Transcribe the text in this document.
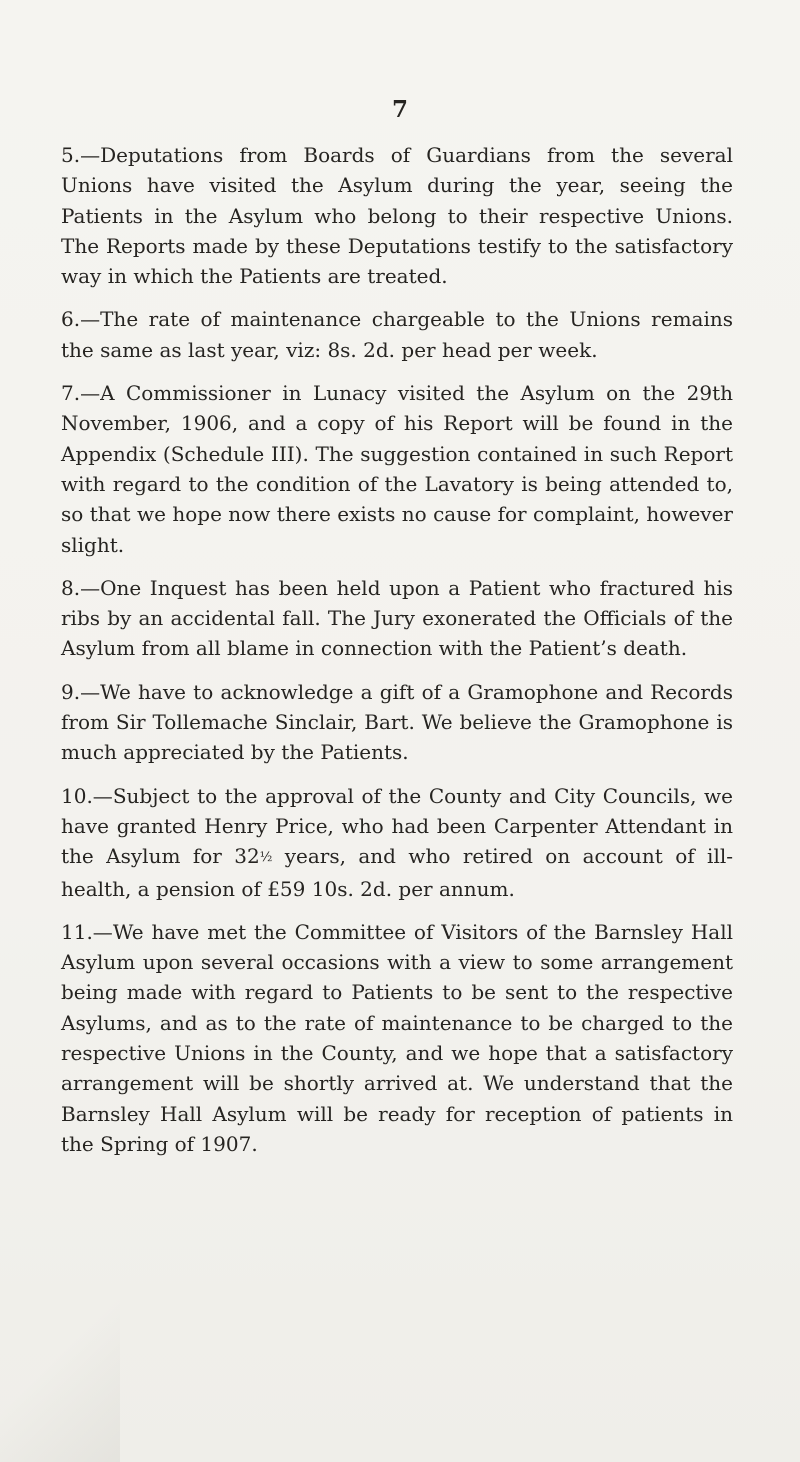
7

5.—Deputations from Boards of Guardians from the several Unions have visited the Asylum during the year, seeing the Patients in the Asylum who belong to their respective Unions. The Reports made by these Deputations testify to the satisfactory way in which the Patients are treated.

6.—The rate of maintenance chargeable to the Unions remains the same as last year, viz: 8s. 2d. per head per week.

7.—A Commissioner in Lunacy visited the Asylum on the 29th November, 1906, and a copy of his Report will be found in the Appendix (Schedule III). The suggestion contained in such Report with regard to the condition of the Lavatory is being attended to, so that we hope now there exists no cause for complaint, however slight.

8.—One Inquest has been held upon a Patient who fractured his ribs by an accidental fall. The Jury exonerated the Officials of the Asylum from all blame in connection with the Patient’s death.

9.—We have to acknowledge a gift of a Gramophone and Records from Sir Tollemache Sinclair, Bart. We believe the Gramophone is much appreciated by the Patients.

10.—Subject to the approval of the County and City Councils, we have granted Henry Price, who had been Carpenter Attendant in the Asylum for 32½ years, and who retired on account of ill-health, a pension of £59 10s. 2d. per annum.

11.—We have met the Committee of Visitors of the Barnsley Hall Asylum upon several occasions with a view to some arrangement being made with regard to Patients to be sent to the respective Asylums, and as to the rate of maintenance to be charged to the respective Unions in the County, and we hope that a satisfactory arrangement will be shortly arrived at. We understand that the Barnsley Hall Asylum will be ready for reception of patients in the Spring of 1907.
